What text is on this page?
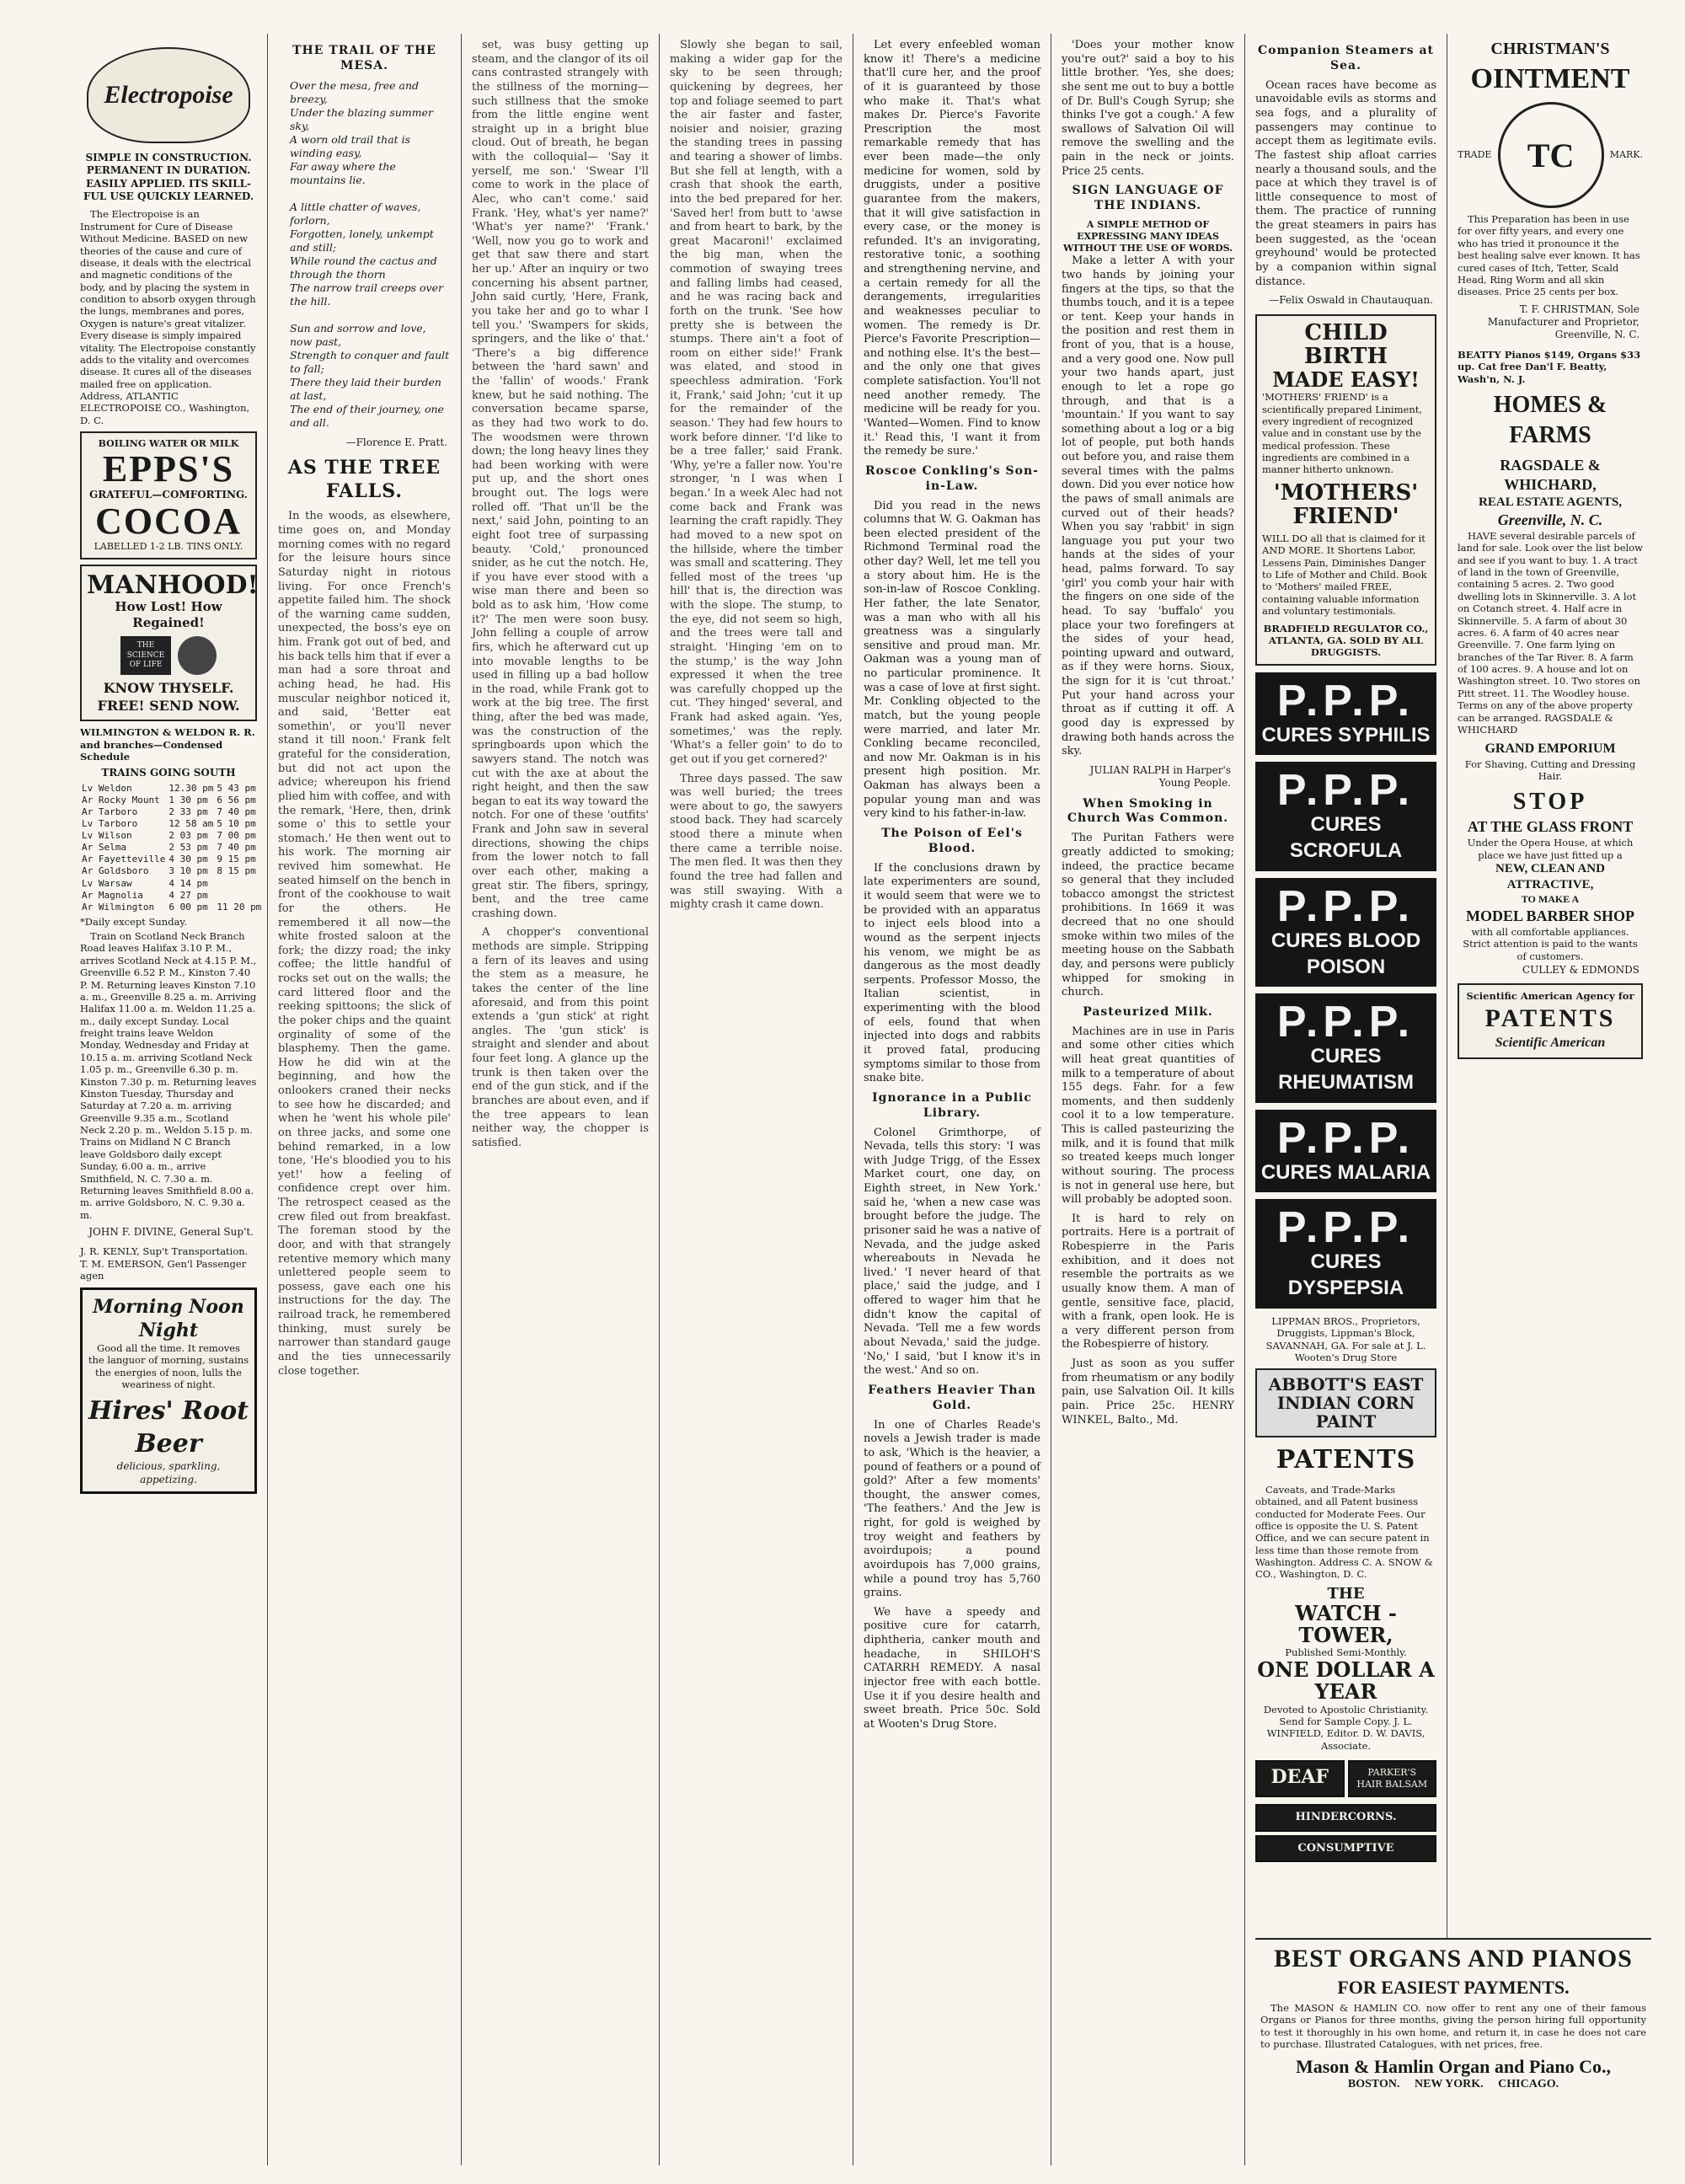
Electropoise
SIMPLE IN CONSTRUCTION. PERMANENT IN DURATION. EASILY APPLIED. ITS SKILL-FUL USE QUICKLY LEARNED.

The Electropoise is an Instrument for Cure of Disease Without Medicine. BASED on new theories of the cause and cure of disease, it deals with the electrical and magnetic conditions of the body, and by placing the system in condition to absorb oxygen through the lungs, membranes and pores, Oxygen is nature's great vitalizer. Every disease is simply impaired vitality. The Electropoise constantly adds to the vitality and overcomes disease. It cures all of the diseases mailed free on application. Address, ATLANTIC ELECTROPOISE CO., Washington, D. C.

BOILING WATER OR MILK
EPPS'S
GRATEFUL—COMFORTING.
COCOA
LABELLED 1-2 LB. TINS ONLY.
MANHOOD!
How Lost! How Regained!
THE SCIENCE OF LIFE
KNOW THYSELF.
FREE! SEND NOW.
WILMINGTON & WELDON R. R. and branches—Condensed Schedule
TRAINS GOING SOUTH
Lv Weldon	12.30 pm	5 43 pm
Ar Rocky Mount	1 30 pm	6 56 pm
Ar Tarboro	2 33 pm	7 40 pm
Lv Tarboro	12 58 am	5 10 pm
Lv Wilson	2 03 pm	7 00 pm
Ar Selma	2 53 pm	7 40 pm
Ar Fayetteville	4 30 pm	9 15 pm
Ar Goldsboro	3 10 pm	8 15 pm
Lv Warsaw	4 14 pm	
Ar Magnolia	4 27 pm	
Ar Wilmington	6 00 pm	11 20 pm
*Daily except Sunday.

Train on Scotland Neck Branch Road leaves Halifax 3.10 P. M., arrives Scotland Neck at 4.15 P. M., Greenville 6.52 P. M., Kinston 7.40 P. M. Returning leaves Kinston 7.10 a. m., Greenville 8.25 a. m. Arriving Halifax 11.00 a. m. Weldon 11.25 a. m., daily except Sunday. Local freight trains leave Weldon Monday, Wednesday and Friday at 10.15 a. m. arriving Scotland Neck 1.05 p. m., Greenville 6.30 p. m. Kinston 7.30 p. m. Returning leaves Kinston Tuesday, Thursday and Saturday at 7.20 a. m. arriving Greenville 9.35 a.m., Scotland Neck 2.20 p. m., Weldon 5.15 p. m. Trains on Midland N C Branch leave Goldsboro daily except Sunday, 6.00 a. m., arrive Smithfield, N. C. 7.30 a. m. Returning leaves Smithfield 8.00 a. m. arrive Goldsboro, N. C. 9.30 a. m.

JOHN F. DIVINE, General Sup't.
J. R. KENLY, Sup't Transportation.
T. M. EMERSON, Gen'l Passenger agen
Morning Noon Night

Good all the time. It removes the languor of morning, sustains the energies of noon, lulls the weariness of night.

Hires' Root Beer
delicious, sparkling, appetizing.
THE TRAIL OF THE MESA.
Over the mesa, free and breezy,
Under the blazing summer sky,
A worn old trail that is winding easy,
Far away where the mountains lie.

A little chatter of waves, forlorn,
Forgotten, lonely, unkempt and still;
While round the cactus and through the thorn
The narrow trail creeps over the hill.

Sun and sorrow and love, now past,
Strength to conquer and fault to fall;
There they laid their burden at last,
The end of their journey, one and all.
—Florence E. Pratt.
AS THE TREE FALLS.

In the woods, as elsewhere, time goes on, and Monday morning comes with no regard for the leisure hours since Saturday night in riotous living. For once French's appetite failed him. The shock of the warning came sudden, unexpected, the boss's eye on him. Frank got out of bed, and his back tells him that if ever a man had a sore throat and aching head, he had. His muscular neighbor noticed it, and said, 'Better eat somethin', or you'll never stand it till noon.' Frank felt grateful for the consideration, but did not act upon the advice; whereupon his friend plied him with coffee, and with the remark, 'Here, then, drink some o' this to settle your stomach.' He then went out to his work. The morning air revived him somewhat. He seated himself on the bench in front of the cookhouse to wait for the others. He remembered it all now—the white frosted saloon at the fork; the dizzy road; the inky coffee; the little handful of rocks set out on the walls; the card littered floor and the reeking spittoons; the slick of the poker chips and the quaint orginality of some of the blasphemy. Then the game. How he did win at the beginning, and how the onlookers craned their necks to see how he discarded; and when he 'went his whole pile' on three jacks, and some one behind remarked, in a low tone, 'He's bloodied you to his yet!' how a feeling of confidence crept over him. The retrospect ceased as the crew filed out from breakfast. The foreman stood by the door, and with that strangely retentive memory which many unlettered people seem to possess, gave each one his instructions for the day. The railroad track, he remembered thinking, must surely be narrower than standard gauge and the ties unnecessarily close together.

set, was busy getting up steam, and the clangor of its oil cans contrasted strangely with the stillness of the morning—such stillness that the smoke from the little engine went straight up in a bright blue cloud. Out of breath, he began with the colloquial— 'Say it yerself, me son.' 'Swear I'll come to work in the place of Alec, who can't come.' said Frank. 'Hey, what's yer name?' 'What's yer name?' 'Frank.' 'Well, now you go to work and get that saw there and start her up.' After an inquiry or two concerning his absent partner, John said curtly, 'Here, Frank, you take her and go to whar I tell you.' 'Swampers for skids, springers, and the like o' that.' 'There's a big difference between the 'hard sawn' and the 'fallin' of woods.' Frank knew, but he said nothing. The conversation became sparse, as they had two work to do. The woodsmen were thrown down; the long heavy lines they had been working with were put up, and the short ones brought out. The logs were rolled off. 'That un'll be the next,' said John, pointing to an eight foot tree of surpassing beauty. 'Cold,' pronounced snider, as he cut the notch. He, if you have ever stood with a wise man there and been so bold as to ask him, 'How come it?' The men were soon busy. John felling a couple of arrow firs, which he afterward cut up into movable lengths to be used in filling up a bad hollow in the road, while Frank got to work at the big tree. The first thing, after the bed was made, was the construction of the springboards upon which the sawyers stand. The notch was cut with the axe at about the right height, and then the saw began to eat its way toward the notch. For one of these 'outfits' Frank and John saw in several directions, showing the chips from the lower notch to fall over each other, making a great stir. The fibers, springy, bent, and the tree came crashing down.

A chopper's conventional methods are simple. Stripping a fern of its leaves and using the stem as a measure, he takes the center of the line aforesaid, and from this point extends a 'gun stick' at right angles. The 'gun stick' is straight and slender and about four feet long. A glance up the trunk is then taken over the end of the gun stick, and if the branches are about even, and if the tree appears to lean neither way, the chopper is satisfied.

Slowly she began to sail, making a wider gap for the sky to be seen through; quickening by degrees, her top and foliage seemed to part the air faster and faster, noisier and noisier, grazing the standing trees in passing and tearing a shower of limbs. But she fell at length, with a crash that shook the earth, into the bed prepared for her. 'Saved her! from butt to 'awse and from heart to bark, by the great Macaroni!' exclaimed the big man, when the commotion of swaying trees and falling limbs had ceased, and he was racing back and forth on the trunk. 'See how pretty she is between the stumps. There ain't a foot of room on either side!' Frank was elated, and stood in speechless admiration. 'Fork it, Frank,' said John; 'cut it up for the remainder of the season.' They had few hours to work before dinner. 'I'd like to be a tree faller,' said Frank. 'Why, ye're a faller now. You're stronger, 'n I was when I began.' In a week Alec had not come back and Frank was learning the craft rapidly. They had moved to a new spot on the hillside, where the timber was small and scattering. They felled most of the trees 'up hill' that is, the direction was with the slope. The stump, to the eye, did not seem so high, and the trees were tall and straight. 'Hinging 'em on to the stump,' is the way John expressed it when the tree was carefully chopped up the cut. 'They hinged' several, and Frank had asked again. 'Yes, sometimes,' was the reply. 'What's a feller goin' to do to get out if you get cornered?'

Three days passed. The saw was well buried; the trees were about to go, the sawyers stood back. They had scarcely stood there a minute when there came a terrible noise. The men fled. It was then they found the tree had fallen and was still swaying. With a mighty crash it came down.

Let every enfeebled woman know it! There's a medicine that'll cure her, and the proof of it is guaranteed by those who make it. That's what makes Dr. Pierce's Favorite Prescription the most remarkable remedy that has ever been made—the only medicine for women, sold by druggists, under a positive guarantee from the makers, that it will give satisfaction in every case, or the money is refunded. It's an invigorating, restorative tonic, a soothing and strengthening nervine, and a certain remedy for all the derangements, irregularities and weaknesses peculiar to women. The remedy is Dr. Pierce's Favorite Prescription—and nothing else. It's the best—and the only one that gives complete satisfaction. You'll not need another remedy. The medicine will be ready for you. 'Wanted—Women. Find to know it.' Read this, 'I want it from the remedy be sure.'

Roscoe Conkling's Son-in-Law.

Did you read in the news columns that W. G. Oakman has been elected president of the Richmond Terminal road the other day? Well, let me tell you a story about him. He is the son-in-law of Roscoe Conkling. Her father, the late Senator, was a man who with all his greatness was a singularly sensitive and proud man. Mr. Oakman was a young man of no particular prominence. It was a case of love at first sight. Mr. Conkling objected to the match, but the young people were married, and later Mr. Conkling became reconciled, and now Mr. Oakman is in his present high position. Mr. Oakman has always been a popular young man and was very kind to his father-in-law.

The Poison of Eel's Blood.

If the conclusions drawn by late experimenters are sound, it would seem that were we to be provided with an apparatus to inject eels blood into a wound as the serpent injects his venom, we might be as dangerous as the most deadly serpents. Professor Mosso, the Italian scientist, in experimenting with the blood of eels, found that when injected into dogs and rabbits it proved fatal, producing symptoms similar to those from snake bite.

Ignorance in a Public Library.

Colonel Grimthorpe, of Nevada, tells this story: 'I was with Judge Trigg, of the Essex Market court, one day, on Eighth street, in New York.' said he, 'when a new case was brought before the judge. The prisoner said he was a native of Nevada, and the judge asked whereabouts in Nevada he lived.' 'I never heard of that place,' said the judge, and I offered to wager him that he didn't know the capital of Nevada. 'Tell me a few words about Nevada,' said the judge. 'No,' I said, 'but I know it's in the west.' And so on.

Feathers Heavier Than Gold.

In one of Charles Reade's novels a Jewish trader is made to ask, 'Which is the heavier, a pound of feathers or a pound of gold?' After a few moments' thought, the answer comes, 'The feathers.' And the Jew is right, for gold is weighed by troy weight and feathers by avoirdupois; a pound avoirdupois has 7,000 grains, while a pound troy has 5,760 grains.

We have a speedy and positive cure for catarrh, diphtheria, canker mouth and headache, in SHILOH'S CATARRH REMEDY. A nasal injector free with each bottle. Use it if you desire health and sweet breath. Price 50c. Sold at Wooten's Drug Store.

'Does your mother know you're out?' said a boy to his little brother. 'Yes, she does; she sent me out to buy a bottle of Dr. Bull's Cough Syrup; she thinks I've got a cough.' A few swallows of Salvation Oil will remove the swelling and the pain in the neck or joints. Price 25 cents.

SIGN LANGUAGE OF THE INDIANS.
A SIMPLE METHOD OF EXPRESSING MANY IDEAS WITHOUT THE USE OF WORDS.

Make a letter A with your two hands by joining your fingers at the tips, so that the thumbs touch, and it is a tepee or tent. Keep your hands in the position and rest them in front of you, that is a house, and a very good one. Now pull your two hands apart, just enough to let a rope go through, and that is a 'mountain.' If you want to say something about a log or a big lot of people, put both hands out before you, and raise them several times with the palms down. Did you ever notice how the paws of small animals are curved out of their heads? When you say 'rabbit' in sign language you put your two hands at the sides of your head, palms forward. To say 'girl' you comb your hair with the fingers on one side of the head. To say 'buffalo' you place your two forefingers at the sides of your head, pointing upward and outward, as if they were horns. Sioux, the sign for it is 'cut throat.' Put your hand across your throat as if cutting it off. A good day is expressed by drawing both hands across the sky.

JULIAN RALPH in Harper's Young People.
When Smoking in Church Was Common.

The Puritan Fathers were greatly addicted to smoking; indeed, the practice became so general that they included tobacco amongst the strictest prohibitions. In 1669 it was decreed that no one should smoke within two miles of the meeting house on the Sabbath day, and persons were publicly whipped for smoking in church.

Pasteurized Milk.

Machines are in use in Paris and some other cities which will heat great quantities of milk to a temperature of about 155 degs. Fahr. for a few moments, and then suddenly cool it to a low temperature. This is called pasteurizing the milk, and it is found that milk so treated keeps much longer without souring. The process is not in general use here, but will probably be adopted soon.

It is hard to rely on portraits. Here is a portrait of Robespierre in the Paris exhibition, and it does not resemble the portraits as we usually know them. A man of gentle, sensitive face, placid, with a frank, open look. He is a very different person from the Robespierre of history.

Just as soon as you suffer from rheumatism or any bodily pain, use Salvation Oil. It kills pain. Price 25c. HENRY WINKEL, Balto., Md.

Companion Steamers at Sea.

Ocean races have become as unavoidable evils as storms and sea fogs, and a plurality of passengers may continue to accept them as legitimate evils. The fastest ship afloat carries nearly a thousand souls, and the pace at which they travel is of little consequence to most of them. The practice of running the great steamers in pairs has been suggested, as the 'ocean greyhound' would be protected by a companion within signal distance.

—Felix Oswald in Chautauquan.
CHILD BIRTH
MADE EASY!

'MOTHERS' FRIEND' is a scientifically prepared Liniment, every ingredient of recognized value and in constant use by the medical profession. These ingredients are combined in a manner hitherto unknown.

'MOTHERS' FRIEND'

WILL DO all that is claimed for it AND MORE. It Shortens Labor, Lessens Pain, Diminishes Danger to Life of Mother and Child. Book to 'Mothers' mailed FREE, containing valuable information and voluntary testimonials.

BRADFIELD REGULATOR CO., ATLANTA, GA. SOLD BY ALL DRUGGISTS.
P.P.P.
CURES SYPHILIS
P.P.P.
CURES SCROFULA
P.P.P.
CURES BLOOD POISON
P.P.P.
CURES RHEUMATISM
P.P.P.
CURES MALARIA
P.P.P.
CURES DYSPEPSIA
LIPPMAN BROS., Proprietors, Druggists, Lippman's Block, SAVANNAH, GA. For sale at J. L. Wooten's Drug Store
ABBOTT'S EAST INDIAN CORN PAINT
PATENTS

Caveats, and Trade-Marks obtained, and all Patent business conducted for Moderate Fees. Our office is opposite the U. S. Patent Office, and we can secure patent in less time than those remote from Washington. Address C. A. SNOW & CO., Washington, D. C.

THE
WATCH - TOWER,
Published Semi-Monthly.
ONE DOLLAR A YEAR
Devoted to Apostolic Christianity. Send for Sample Copy. J. L. WINFIELD, Editor. D. W. DAVIS, Associate.
DEAF	PARKER'S HAIR BALSAM
HINDERCORNS.
CONSUMPTIVE
CHRISTMAN'S
OINTMENT
TRADE TC	MARK.

This Preparation has been in use for over fifty years, and every one who has tried it pronounce it the best healing salve ever known. It has cured cases of Itch, Tetter, Scald Head, Ring Worm and all skin diseases. Price 25 cents per box.

T. F. CHRISTMAN, Sole Manufacturer and Proprietor, Greenville, N. C.
BEATTY Pianos $149, Organs $33 up. Cat free Dan'l F. Beatty, Wash'n, N. J.
HOMES & FARMS
RAGSDALE & WHICHARD,
REAL ESTATE AGENTS,
Greenville, N. C.

HAVE several desirable parcels of land for sale. Look over the list below and see if you want to buy. 1. A tract of land in the town of Greenville, containing 5 acres. 2. Two good dwelling lots in Skinnerville. 3. A lot on Cotanch street. 4. Half acre in Skinnerville. 5. A farm of about 30 acres. 6. A farm of 40 acres near Greenville. 7. One farm lying on branches of the Tar River. 8. A farm of 100 acres. 9. A house and lot on Washington street. 10. Two stores on Pitt street. 11. The Woodley house. Terms on any of the above property can be arranged. RAGSDALE & WHICHARD

GRAND EMPORIUM
For Shaving, Cutting and Dressing Hair.
STOP
AT THE GLASS FRONT
Under the Opera House, at which place we have just fitted up a
NEW, CLEAN AND ATTRACTIVE,
TO MAKE A
MODEL BARBER SHOP
with all comfortable appliances. Strict attention is paid to the wants of customers.
CULLEY & EDMONDS
Scientific American Agency for
PATENTS
Scientific American
BEST ORGANS AND PIANOS
FOR EASIEST PAYMENTS.

The MASON & HAMLIN CO. now offer to rent any one of their famous Organs or Pianos for three months, giving the person hiring full opportunity to test it thoroughly in his own home, and return it, in case he does not care to purchase. Illustrated Catalogues, with net prices, free.

Mason & Hamlin Organ and Piano Co.,
BOSTON.     NEW YORK.     CHICAGO.
